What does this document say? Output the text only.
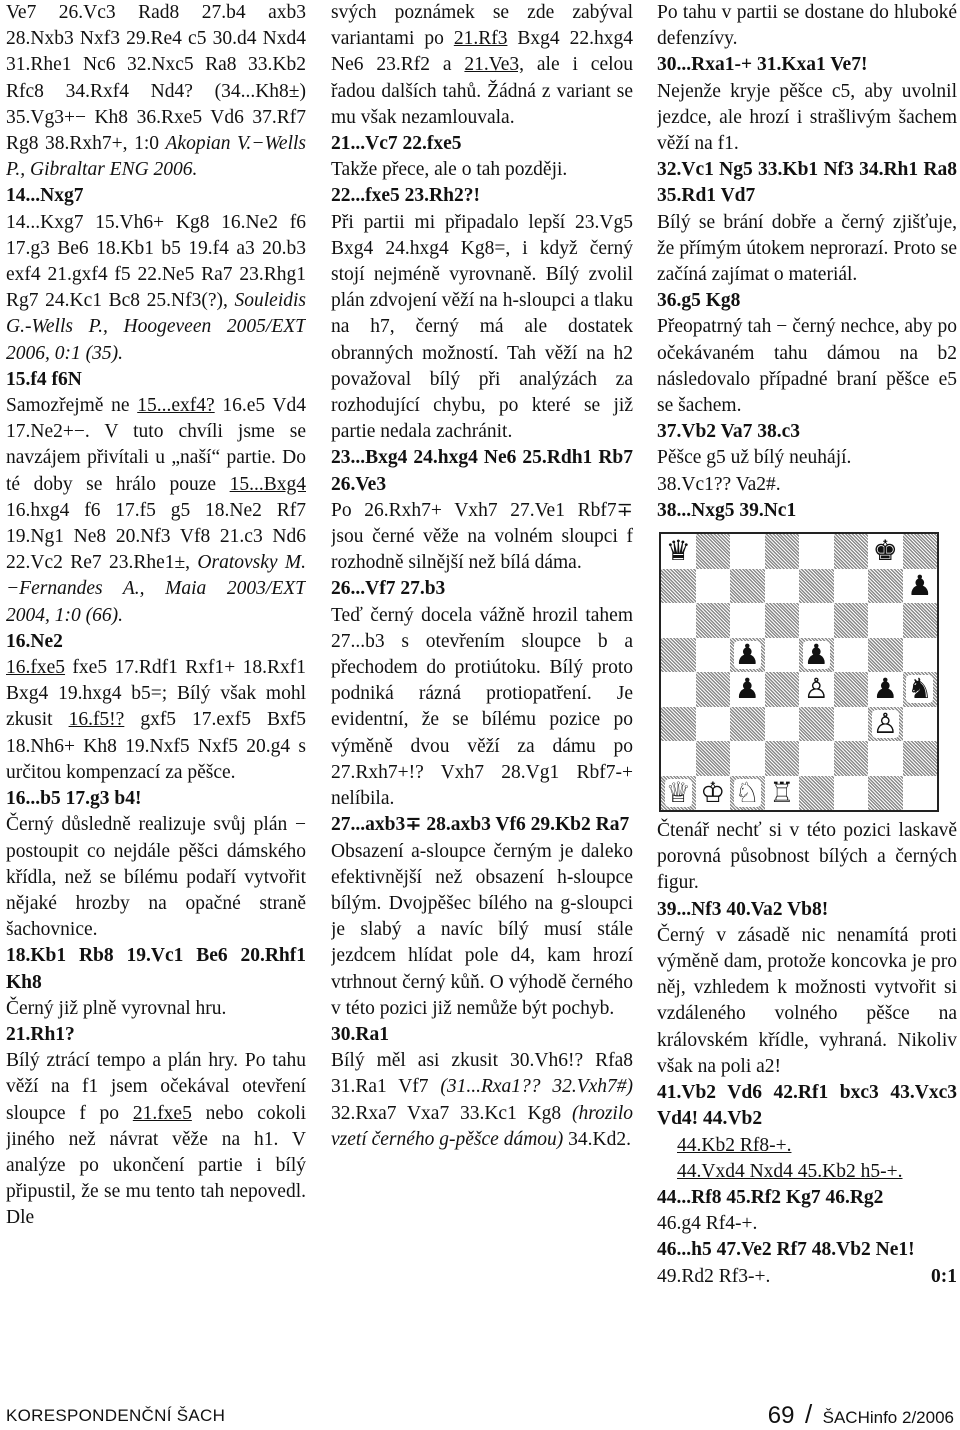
Ve7 26.Vc3 Rad8 27.b4 axb3 28.Nxb3 Nxf3 29.Re4 c5 30.d4 Nxd4 31.Rhe1 Nc6 32.Nxc5 Ra8 33.Kb2 Rfc8 34.Rxf4 Nd4? (34...Kh8±) 35.Vg3+− Kh8 36.Rxe5 Vd6 37.Rf7 Rg8 38.Rxh7+, 1:0 Akopian V.−Wells P., Gibraltar ENG 2006.

14...Nxg7

14...Kxg7 15.Vh6+ Kg8 16.Ne2 f6 17.g3 Be6 18.Kb1 b5 19.f4 a3 20.b3 exf4 21.gxf4 f5 22.Ne5 Ra7 23.Rhg1 Rg7 24.Kc1 Bc8 25.Nf3(?), Souleidis G.-Wells P., Hoogeveen 2005/EXT 2006, 0:1 (35).

15.f4 f6N

Samozřejmě ne 15...exf4? 16.e5 Vd4 17.Ne2+−. V tuto chvíli jsme se navzájem přivítali u „naší“ partie. Do té doby se hrálo pouze 15...Bxg4 16.hxg4 f6 17.f5 g5 18.Ne2 Rf7 19.Ng1 Ne8 20.Nf3 Vf8 21.c3 Nd6 22.Vc2 Re7 23.Rhe1±, Oratovsky M.−Fernandes A., Maia 2003/EXT 2004, 1:0 (66).

16.Ne2

16.fxe5 fxe5 17.Rdf1 Rxf1+ 18.Rxf1 Bxg4 19.hxg4 b5=; Bílý však mohl zkusit 16.f5!? gxf5 17.exf5 Bxf5 18.Nh6+ Kh8 19.Nxf5 Nxf5 20.g4 s určitou kompenzací za pěšce.

16...b5 17.g3 b4!

Černý důsledně realizuje svůj plán − postoupit co nejdále pěšci dámského křídla, než se bílému podaří vytvořit nějaké hrozby na opačné straně šachovnice.

18.Kb1 Rb8 19.Vc1 Be6 20.Rhf1 Kh8

Černý již plně vyrovnal hru.

21.Rh1?

Bílý ztrácí tempo a plán hry. Po tahu věží na f1 jsem očekával otevření sloupce f po 21.fxe5 nebo cokoli jiného než návrat věže na h1. V analýze po ukončení partie i bílý připustil, že se mu tento tah nepovedl. Dle

svých poznámek se zde zabýval variantami po 21.Rf3 Bxg4 22.hxg4 Ne6 23.Rf2 a 21.Ve3, ale i celou řadou dalších tahů. Žádná z variant se mu však nezamlouvala.

21...Vc7 22.fxe5

Takže přece, ale o tah později.

22...fxe5 23.Rh2?!

Při partii mi připadalo lepší 23.Vg5 Bxg4 24.hxg4 Kg8=, i když černý stojí nejméně vyrovnaně. Bílý zvolil plán zdvojení věží na h-sloupci a tlaku na h7, černý má ale dostatek obranných možností. Tah věží na h2 považoval bílý při analýzách za rozhodující chybu, po které se již partie nedala zachránit.

23...Bxg4 24.hxg4 Ne6 25.Rdh1 Rb7 26.Ve3

Po 26.Rxh7+ Vxh7 27.Ve1 Rbf7∓ jsou černé věže na volném sloupci f rozhodně silnější než bílá dáma.

26...Vf7 27.b3

Teď černý docela vážně hrozil tahem 27...b3 s otevřením sloupce b a přechodem do protiútoku. Bílý proto podniká rázná protiopatření. Je evidentní, že se bílému pozice po výměně dvou věží za dámu po 27.Rxh7+!? Vxh7 28.Vg1 Rbf7-+ nelíbila.

27...axb3∓ 28.axb3 Vf6 29.Kb2 Ra7

Obsazení a-sloupce černým je daleko efektivnější než obsazení h-sloupce bílým. Dvojpěšec bílého na g-sloupci je slabý a navíc bílý musí stále jezdcem hlídat pole d4, kam hrozí vtrhnout černý kůň. O výhodě černého v této pozici již nemůže být pochyb.

30.Ra1

Bílý měl asi zkusit 30.Vh6!? Rfa8 31.Ra1 Vf7 (31...Rxa1?? 32.Vxh7#) 32.Rxa7 Vxa7 33.Kc1 Kg8 (hrozilo vzetí černého g-pěšce dámou) 34.Kd2.

Po tahu v partii se dostane do hluboké defenzívy.

30...Rxa1-+ 31.Kxa1 Ve7!

Nejenže kryje pěšce c5, aby uvolnil jezdce, ale hrozí i strašlivým šachem věží na f1.

32.Vc1 Ng5 33.Kb1 Nf3 34.Rh1 Ra8 35.Rd1 Vd7

Bílý se brání dobře a černý zjišťuje, že přímým útokem neprorazí. Proto se začíná zajímat o materiál.

36.g5 Kg8

Přeopatrný tah − černý nechce, aby po očekávaném tahu dámou na b2 následovalo případné braní pěšce e5 se šachem.

37.Vb2 Va7 38.c3

Pěšce g5 už bílý neuhájí.

38.Vc1?? Va2#.

38...Nxg5 39.Nc1

♛	♚
♟
♟ ♟
♟ ♙ ♟ ♞
♙
♕ ♔ ♘ ♖

Čtenář nechť si v této pozici laskavě porovná působnost bílých a černých figur.

39...Nf3 40.Va2 Vb8!

Černý v zásadě nic nenamítá proti výměně dam, protože koncovka je pro něj, vzhledem k možnosti vytvořit si vzdáleného volného pěšce na královském křídle, vyhraná. Nikoliv však na poli a2!

41.Vb2 Vd6 42.Rf1 bxc3 43.Vxc3 Vd4! 44.Vb2

44.Kb2 Rf8-+.

44.Vxd4 Nxd4 45.Kb2 h5-+.

44...Rf8 45.Rf2 Kg7 46.Rg2

46.g4 Rf4-+.

46...h5 47.Ve2 Rf7 48.Vb2 Ne1!

49.Rd2 Rf3-+.	0:1

KORESPONDENČNÍ ŠACH	69 / ŠACHinfo 2/2006
